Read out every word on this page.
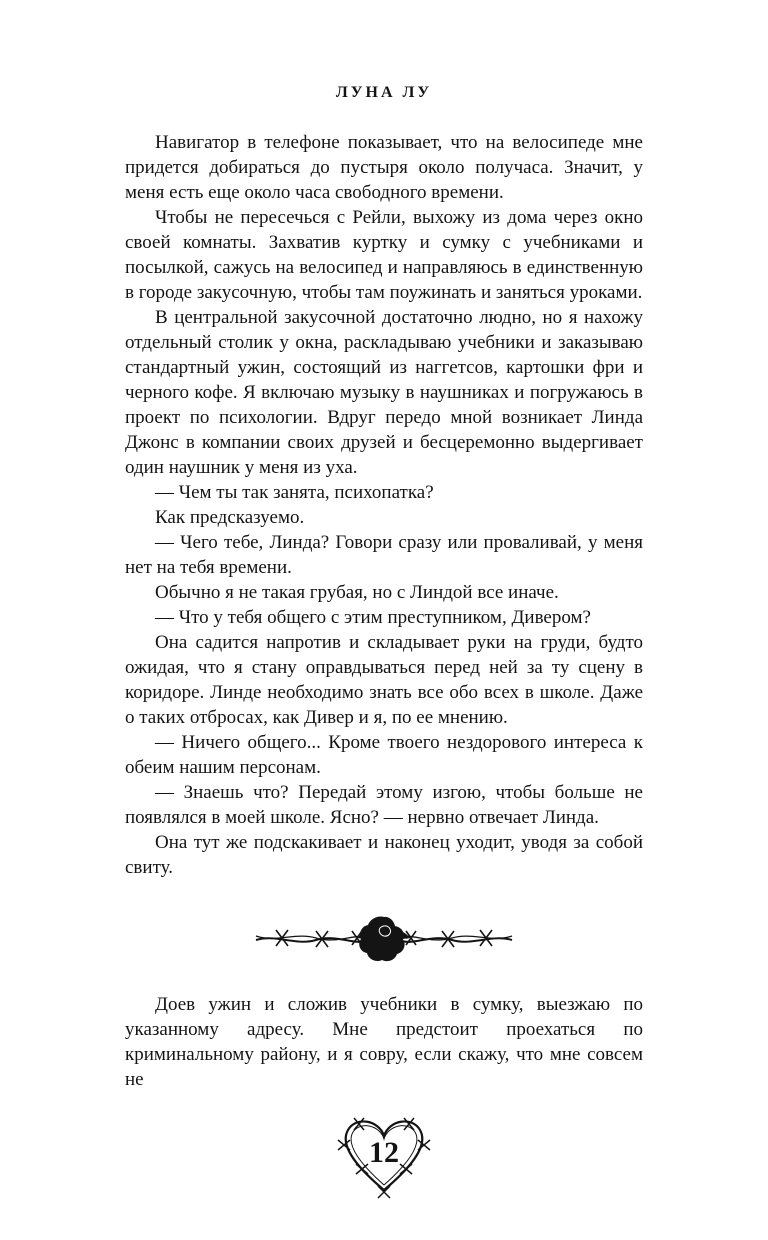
ЛУНА ЛУ

Навигатор в телефоне показывает, что на велосипеде мне придется добираться до пустыря около получаса. Значит, у меня есть еще около часа свободного времени.

Чтобы не пересечься с Рейли, выхожу из дома через окно своей комнаты. Захватив куртку и сумку с учебниками и посылкой, сажусь на велосипед и направляюсь в единственную в городе закусочную, чтобы там поужинать и заняться уроками.

В центральной закусочной достаточно людно, но я нахожу отдельный столик у окна, раскладываю учебники и заказываю стандартный ужин, состоящий из наггетсов, картошки фри и черного кофе. Я включаю музыку в наушниках и погружаюсь в проект по психологии. Вдруг передо мной возникает Линда Джонс в компании своих друзей и бесцеремонно выдергивает один наушник у меня из уха.

— Чем ты так занята, психопатка?

Как предсказуемо.

— Чего тебе, Линда? Говори сразу или проваливай, у меня нет на тебя времени.

Обычно я не такая грубая, но с Линдой все иначе.

— Что у тебя общего с этим преступником, Дивером?

Она садится напротив и складывает руки на груди, будто ожидая, что я стану оправдываться перед ней за ту сцену в коридоре. Линде необходимо знать все обо всех в школе. Даже о таких отбросах, как Дивер и я, по ее мнению.

— Ничего общего... Кроме твоего нездорового интереса к обеим нашим персонам.

— Знаешь что? Передай этому изгою, чтобы больше не появлялся в моей школе. Ясно? — нервно отвечает Линда.

Она тут же подскакивает и наконец уходит, уводя за собой свиту.

Доев ужин и сложив учебники в сумку, выезжаю по указанному адресу. Мне предстоит проехаться по криминальному району, и я совру, если скажу, что мне совсем не

12
